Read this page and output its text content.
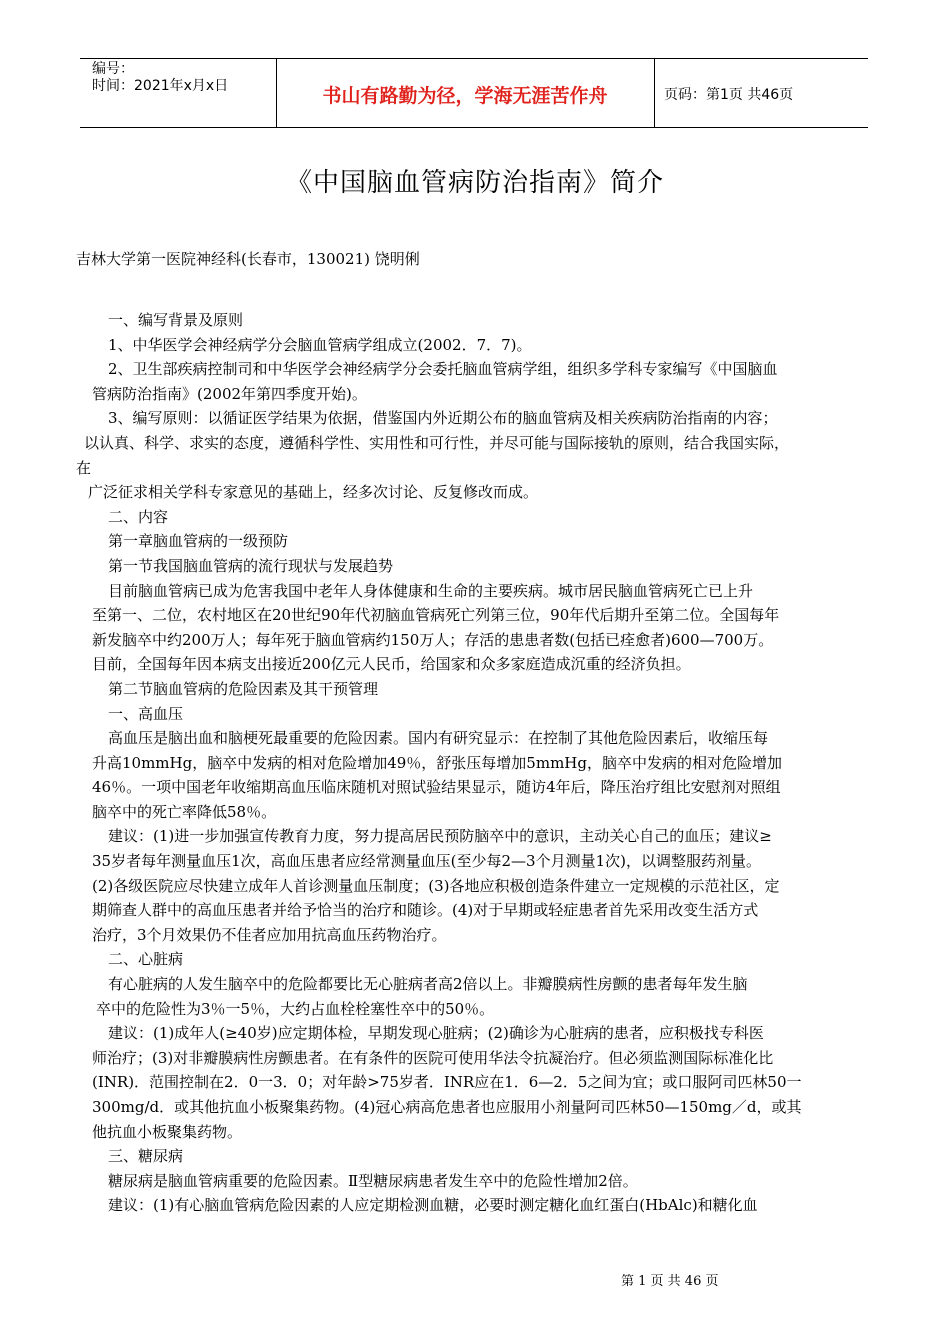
编号：
时间：2021年x月x日	书山有路勤为径，学海无涯苦作舟	页码：第1页 共46页
《中国脑血管病防治指南》简介
吉林大学第一医院神经科(长春市，130021) 饶明俐
一、编写背景及原则
1、中华医学会神经病学分会脑血管病学组成立(2002．7．7)。
2、卫生部疾病控制司和中华医学会神经病学分会委托脑血管病学组，组织多学科专家编写《中国脑血
管病防治指南》(2002年第四季度开始)。
3、编写原则：以循证医学结果为依据，借鉴国内外近期公布的脑血管病及相关疾病防治指南的内容；
以认真、科学、求实的态度，遵循科学性、实用性和可行性，并尽可能与国际接轨的原则，结合我国实际，
在
广泛征求相关学科专家意见的基础上，经多次讨论、反复修改而成。
二、内容
第一章脑血管病的一级预防
第一节我国脑血管病的流行现状与发展趋势
目前脑血管病已成为危害我国中老年人身体健康和生命的主要疾病。城市居民脑血管病死亡已上升
至第一、二位，农村地区在20世纪90年代初脑血管病死亡列第三位，90年代后期升至第二位。全国每年
新发脑卒中约200万人；每年死于脑血管病约150万人；存活的患患者数(包括已痊愈者)600—700万。
目前，全国每年因本病支出接近200亿元人民币，给国家和众多家庭造成沉重的经济负担。
第二节脑血管病的危险因素及其干预管理
一、高血压
高血压是脑出血和脑梗死最重要的危险因素。国内有研究显示：在控制了其他危险因素后，收缩压每
升高10mmHg，脑卒中发病的相对危险增加49％，舒张压每增加5mmHg，脑卒中发病的相对危险增加
46％。一项中国老年收缩期高血压临床随机对照试验结果显示，随访4年后，降压治疗组比安慰剂对照组
脑卒中的死亡率降低58％。
建议：(1)进一步加强宣传教育力度，努力提高居民预防脑卒中的意识，主动关心自己的血压；建议≥
35岁者每年测量血压1次，高血压患者应经常测量血压(至少每2—3个月测量1次)，以调整服药剂量。
(2)各级医院应尽快建立成年人首诊测量血压制度；(3)各地应积极创造条件建立一定规模的示范社区，定
期筛查人群中的高血压患者并给予恰当的治疗和随诊。(4)对于早期或轻症患者首先采用改变生活方式
治疗，3个月效果仍不佳者应加用抗高血压药物治疗。
二、心脏病
有心脏病的人发生脑卒中的危险都要比无心脏病者高2倍以上。非瓣膜病性房颤的患者每年发生脑
卒中的危险性为3％一5％，大约占血栓栓塞性卒中的50％。
建议：(1)成年人(≥40岁)应定期体检，早期发现心脏病；(2)确诊为心脏病的患者，应积极找专科医
师治疗；(3)对非瓣膜病性房颤患者。在有条件的医院可使用华法令抗凝治疗。但必须监测国际标准化比
(INR)．范围控制在2．0一3．0；对年龄>75岁者．INR应在1．6—2．5之间为宜；或口服阿司匹林50一
300mg/d．或其他抗血小板聚集药物。(4)冠心病高危患者也应服用小剂量阿司匹林50—150mg／d，或其
他抗血小板聚集药物。
三、糖尿病
糖尿病是脑血管病重要的危险因素。Ⅱ型糖尿病患者发生卒中的危险性增加2倍。
建议：(1)有心脑血管病危险因素的人应定期检测血糖，必要时测定糖化血红蛋白(HbAlc)和糖化血
第 1 页 共 46 页
